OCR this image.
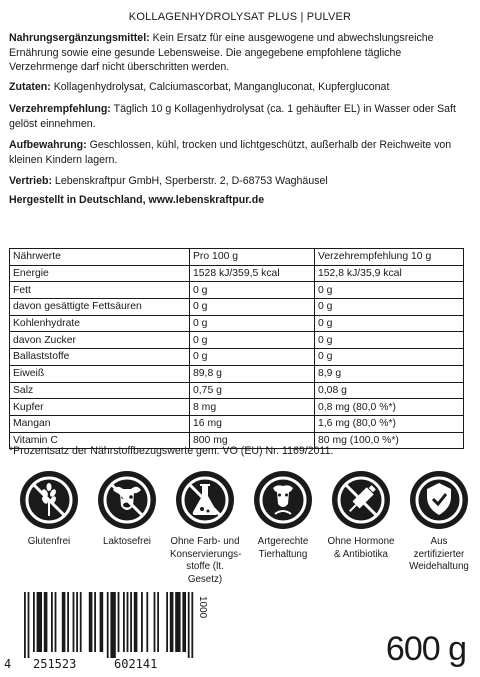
KOLLAGENHYDROLYSAT PLUS | PULVER
Nahrungsergänzungsmittel: Kein Ersatz für eine ausgewogene und abwechslungsreiche Ernährung sowie eine gesunde Lebensweise. Die angegebene empfohlene tägliche Verzehrmenge darf nicht überschritten werden.
Zutaten: Kollagenhydrolysat, Calciumascorbat, Mangangluconat, Kupfergluconat
Verzehrempfehlung: Täglich 10 g Kollagenhydrolysat (ca. 1 gehäufter EL) in Wasser oder Saft gelöst einnehmen.
Aufbewahrung: Geschlossen, kühl, trocken und lichtgeschützt, außerhalb der Reichweite von kleinen Kindern lagern.
Vertrieb: Lebenskraftpur GmbH, Sperberstr. 2, D-68753 Waghäusel
Hergestellt in Deutschland, www.lebenskraftpur.de
Nährwerte	Pro 100 g	Verzehrempfehlung 10 g
Energie	1528 kJ/359,5 kcal	152,8 kJ/35,9 kcal
Fett	0 g	0 g
davon gesättigte Fettsäuren	0 g	0 g
Kohlenhydrate	0 g	0 g
davon Zucker	0 g	0 g
Ballaststoffe	0 g	0 g
Eiweiß	89,8 g	8,9 g
Salz	0,75 g	0,08 g
Kupfer	8 mg	0,8 mg (80,0 %*)
Mangan	16 mg	1,6 mg (80,0 %*)
Vitamin C	800 mg	80 mg (100,0 %*)
*Prozentsatz der Nährstoffbezugswerte gem. VO (EU) Nr. 1169/2011.
Glutenfrei	Laktosefrei	Ohne Farb- und Konservierungs- stoffe (lt. Gesetz)
Artgerechte Tierhaltung
Ohne Hormone & Antibiotika
Aus zertifizierter Weidehaltung
4 251523	602141
1000
600 g
